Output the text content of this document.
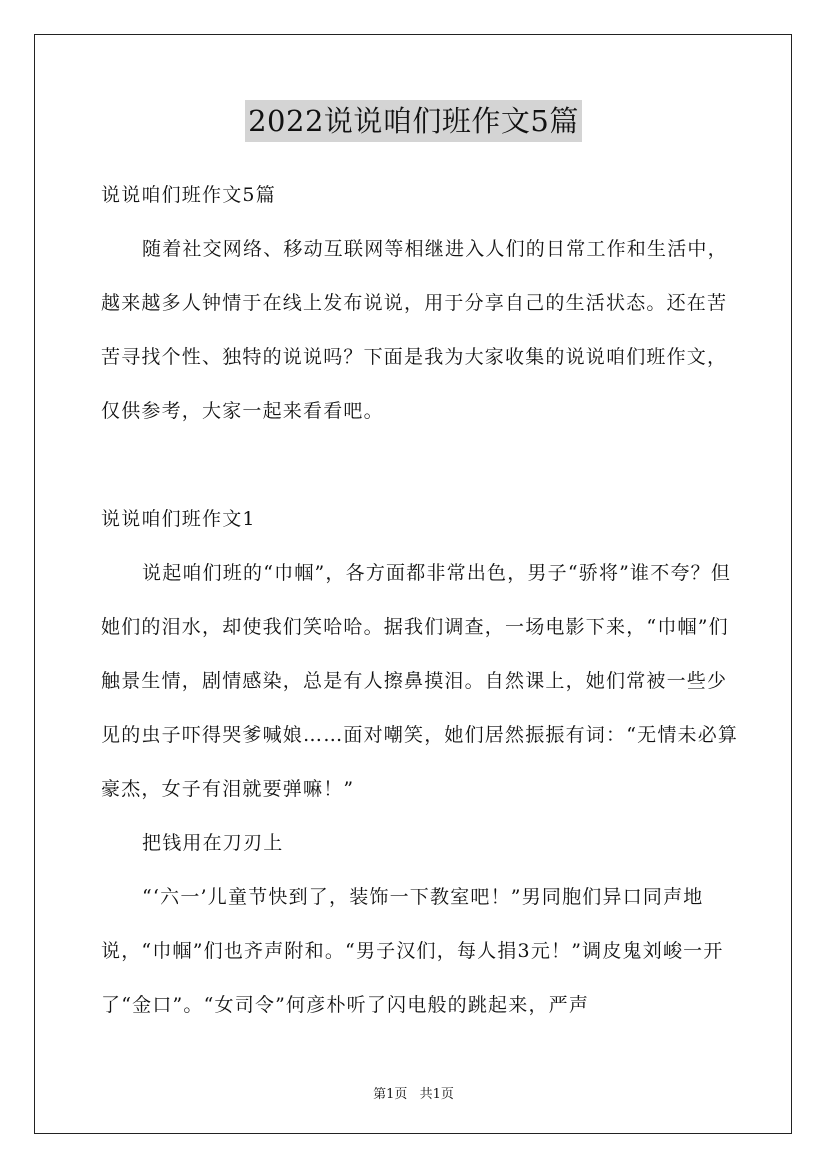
2022说说咱们班作文5篇

说说咱们班作文5篇

随着社交网络、移动互联网等相继进入人们的日常工作和生活中，越来越多人钟情于在线上发布说说，用于分享自己的生活状态。还在苦苦寻找个性、独特的说说吗？下面是我为大家收集的说说咱们班作文，仅供参考，大家一起来看看吧。

说说咱们班作文1

说起咱们班的“巾帼”，各方面都非常出色，男子“骄将”谁不夸？但她们的泪水，却使我们笑哈哈。据我们调查，一场电影下来，“巾帼”们触景生情，剧情感染，总是有人擦鼻摸泪。自然课上，她们常被一些少见的虫子吓得哭爹喊娘……面对嘲笑，她们居然振振有词：“无情未必算豪杰，女子有泪就要弹嘛！”

把钱用在刀刃上

“‘六一’儿童节快到了，装饰一下教室吧！”男同胞们异口同声地说，“巾帼”们也齐声附和。“男子汉们，每人捐3元！”调皮鬼刘峻一开了“金口”。“女司令”何彦朴听了闪电般的跳起来，严声

第1页 共1页
